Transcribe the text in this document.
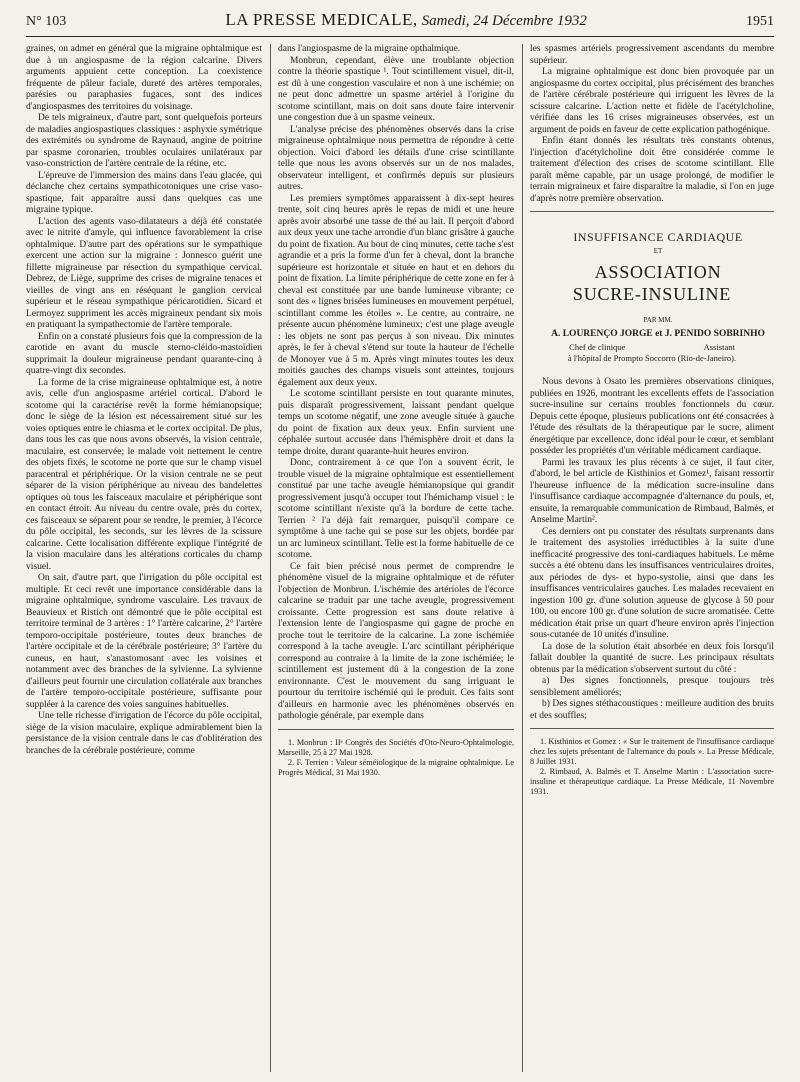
N° 103	LA PRESSE MEDICALE, Samedi, 24 Décembre 1932	1951

graines, on admet en général que la migraine ophtalmique est due à un angiospasme de la région calcarine. Divers arguments appuient cette conception. La coexistence fréquente de pâleur faciale, dureté des artères temporales, parésies ou paraphasies fugaces, sont des indices d'angiospasmes des territoires du voisinage.

De tels migraineux, d'autre part, sont quelquefois porteurs de maladies angiospastiques classiques : asphyxie symétrique des extrémités ou syndrome de Raynaud, angine de poitrine par spasme coronarien, troubles oculaires unilatéraux par vaso-constriction de l'artère centrale de la rétine, etc.

L'épreuve de l'immersion des mains dans l'eau glacée, qui déclanche chez certains sympathicotoniques une crise vaso-spastique, fait apparaître aussi dans quelques cas une migraine typique.

L'action des agents vaso-dilatateurs a déjà été constatée avec le nitrite d'amyle, qui influence favorablement la crise ophtalmique. D'autre part des opérations sur le sympathique exercent une action sur la migraine : Jonnesco guérit une fillette migraineuse par résection du sympathique cervical. Debrez, de Liège, supprime des crises de migraine tenaces et vieilles de vingt ans en réséquant le ganglion cervical supérieur et le réseau sympathique péricarotidien. Sicard et Lermoyez suppriment les accès migraineux pendant six mois en pratiquant la sympathectomie de l'artère temporale.

Enfin on a constaté plusieurs fois que la compression de la carotide en avant du muscle sterno-cléido-mastoïdien supprimait la douleur migraineuse pendant quarante-cinq à quatre-vingt dix secondes.

La forme de la crise migraineuse ophtalmique est, à notre avis, celle d'un angiospasme artériel cortical. D'abord le scotome qui la caractérise revêt la forme hémianopsique; donc le siège de la lésion est nécessairement situé sur les voies optiques entre le chiasma et le cortex occipital. De plus, dans tous les cas que nous avons observés, la vision centrale, maculaire, est conservée; le malade voit nettement le centre des objets fixés, le scotome ne porte que sur le champ visuel paracentral et périphérique. Or la vision centrale ne se peut séparer de la vision périphérique au niveau des bandelettes optiques où tous les faisceaux maculaire et périphérique sont en contact étroit. Au niveau du centre ovale, près du cortex, ces faisceaux se séparent pour se rendre, le premier, à l'écorce du pôle occipital, les seconds, sur les lèvres de la scissure calcarine. Cette localisation différente explique l'intégrité de la vision maculaire dans les altérations corticales du champ visuel.

On sait, d'autre part, que l'irrigation du pôle occipital est multiple. Et ceci revêt une importance considérable dans la migraine ophtalmique, syndrome vasculaire. Les travaux de Beauvieux et Ristich ont démontré que le pôle occipital est territoire terminal de 3 artères : 1° l'artère calcarine, 2° l'artère temporo-occipitale postérieure, toutes deux branches de l'artère occipitale et de la cérébrale postérieure; 3° l'artère du cuneus, en haut, s'anastomosant avec les voisines et notamment avec des branches de la sylvienne. La sylvienne d'ailleurs peut fournir une circulation collatérale aux branches de l'artère temporo-occipitale postérieure, suffisante pour suppléer à la carence des voies sanguines habituelles.

Une telle richesse d'irrigation de l'écorce du pôle occipital, siège de la vision maculaire, explique admirablement bien la persistance de la vision centrale dans le cas d'oblitération des branches de la cérébrale postérieure, comme

dans l'angiospasme de la migraine opthalmique.

Monbrun, cependant, élève une troublante objection contre la théorie spastique ¹. Tout scintillement visuel, dit-il, est dû à une congestion vasculaire et non à une ischémie; on ne peut donc admettre un spasme artériel à l'origine du scotome scintillant, mais on doit sans doute faire intervenir une congestion due à un spasme veineux.

L'analyse précise des phénomènes observés dans la crise migraineuse ophtalmique nous permettra de répondre à cette objection. Voici d'abord les détails d'une crise scintillante telle que nous les avons observés sur un de nos malades, observateur intelligent, et confirmés depuis sur plusieurs autres.

Les premiers symptômes apparaissent à dix-sept heures trente, soit cinq heures après le repas de midi et une heure après avoir absorbé une tasse de thé au lait. Il perçoit d'abord aux deux yeux une tache arrondie d'un blanc grisâtre à gauche du point de fixation. Au bout de cinq minutes, cette tache s'est agrandie et a pris la forme d'un fer à cheval, dont la branche supérieure est horizontale et située en haut et en dehors du point de fixation. La limite périphérique de cette zone en fer à cheval est constituée par une bande lumineuse vibrante; ce sont des « lignes brisées lumineuses en mouvement perpétuel, scintillant comme les étoiles ». Le centre, au contraire, ne présente aucun phénomène lumineux; c'est une plage aveugle : les objets ne sont pas perçus à son niveau. Dix minutes après, le fer à cheval s'étend sur toute la hauteur de l'échelle de Monoyer vue à 5 m. Après vingt minutes toutes les deux moitiés gauches des champs visuels sont atteintes, toujours également aux deux yeux.

Le scotome scintillant persiste en tout quarante minutes, puis disparaît progressivement, laissant pendant quelque temps un scotome négatif, une zone aveugle située à gauche du point de fixation aux deux yeux. Enfin survient une céphalée surtout accusée dans l'hémisphère droit et dans la tempe droite, durant quarante-huit heures environ.

Donc, contrairement à ce que l'on a souvent écrit, le trouble visuel de la migraine ophtalmique est essentiellement constitué par une tache aveugle hémianopsique qui grandit progressivement jusqu'à occuper tout l'hémichamp visuel : le scotome scintillant n'existe qu'à la bordure de cette tache. Terrien ² l'a déjà fait remarquer, puisqu'il compare ce symptôme à une tache qui se pose sur les objets, bordée par un arc lumineux scintillant. Telle est la forme habituelle de ce scotome.

Ce fait bien précisé nous permet de comprendre le phénomène visuel de la migraine ophtalmique et de réfuter l'objection de Monbrun. L'ischémie des artérioles de l'écorce calcarine se traduit par une tache aveugle, progressivement croissante. Cette progression est sans doute relative à l'extension lente de l'angiospasme qui gagne de proche en proche tout le territoire de la calcarine. La zone ischémiée correspond à la tache aveugle. L'arc scintillant périphérique correspond au contraire à la limite de la zone ischémiée; le scintillement est justement dû à la congestion de la zone environnante. C'est le mouvement du sang irriguant le pourtour du territoire ischémié qui le produit. Ces faits sont d'ailleurs en harmonie avec les phénomènes observés en pathologie générale, par exemple dans

1. Monbrun : IIᵉ Congrès des Sociétés d'Oto-Neuro-Ophtalmologie, Marseille, 25 à 27 Mai 1928.

2. F. Terrien : Valeur séméiologique de la migraine ophtalmique. Le Progrès Médical, 31 Mai 1930.

les spasmes artériels progressivement ascendants du membre supérieur.

La migraine ophtalmique est donc bien provoquée par un angiospasme du cortex occipital, plus précisément des branches de l'artère cérébrale postérieure qui irriguent les lèvres de la scissure calcarine. L'action nette et fidèle de l'acétylcholine, vérifiée dans les 16 crises migraineuses observées, est un argument de poids en faveur de cette explication pathogénique.

Enfin étant donnés les résultats très constants obtenus, l'injection d'acétylcholine doit être considérée comme le traitement d'élection des crises de scotome scintillant. Elle paraît même capable, par un usage prolongé, de modifier le terrain migraineux et faire disparaître la maladie, si l'on en juge d'après notre première observation.

INSUFFISANCE CARDIAQUE

ET

ASSOCIATION
SUCRE-INSULINE

PAR MM.

A. LOURENÇO JORGE et J. PENIDO SOBRINHO

Chef de clinique	Assistant
à l'hôpital de Prompto Soccorro (Rio-de-Janeiro).

Nous devons à Osato les premières observations cliniques, publiées en 1926, montrant les excellents effets de l'association sucre-insuline sur certains troubles fonctionnels du cœur. Depuis cette époque, plusieurs publications ont été consacrées à l'étude des résultats de la thérapeutique par le sucre, aliment énergétique par excellence, donc idéal pour le cœur, et semblant posséder les propriétés d'un véritable médicament cardiaque.

Parmi les travaux les plus récents à ce sujet, il faut citer, d'abord, le bel article de Kisthinios et Gomez¹, faisant ressortir l'heureuse influence de la médication sucre-insuline dans l'insuffisance cardiaque accompagnée d'alternance du pouls, et, ensuite, la remarquable communication de Rimbaud, Balmès, et Anselme Martin².

Ces derniers ont pu constater des résultats surprenants dans le traitement des asystolies irréductibles à la suite d'une inefficacité progressive des toni-cardiaques habituels. Le même succès a été obtenu dans les insuffisances ventriculaires droites, aux périodes de dys- et hypo-systolie, ainsi que dans les insuffisances ventriculaires gauches. Les malades recevaient en ingestion 100 gr. d'une solution aqueuse de glycose à 50 pour 100, ou encore 100 gr. d'une solution de sucre aromatisée. Cette médication était prise un quart d'heure environ après l'injection sous-cutanée de 10 unités d'insuline.

La dose de la solution était absorbée en deux fois lorsqu'il fallait doubler la quantité de sucre. Les principaux résultats obtenus par la médication s'observent surtout du côté :

a) Des signes fonctionnels, presque toujours très sensiblement améliorés;

b) Des signes stéthacoustiques : meilleure audition des bruits et des souffles;

1. Kisthinios et Gomez : « Sur le traitement de l'insuffisance cardiaque chez les sujets présentant de l'alternance du pouls ». La Presse Médicale, 8 Juillet 1931.

2. Rimbaud, A. Balmès et T. Anselme Martin : L'association sucre-insuline et thérapeutique cardiaque. La Presse Médicale, 11 Novembre 1931.
